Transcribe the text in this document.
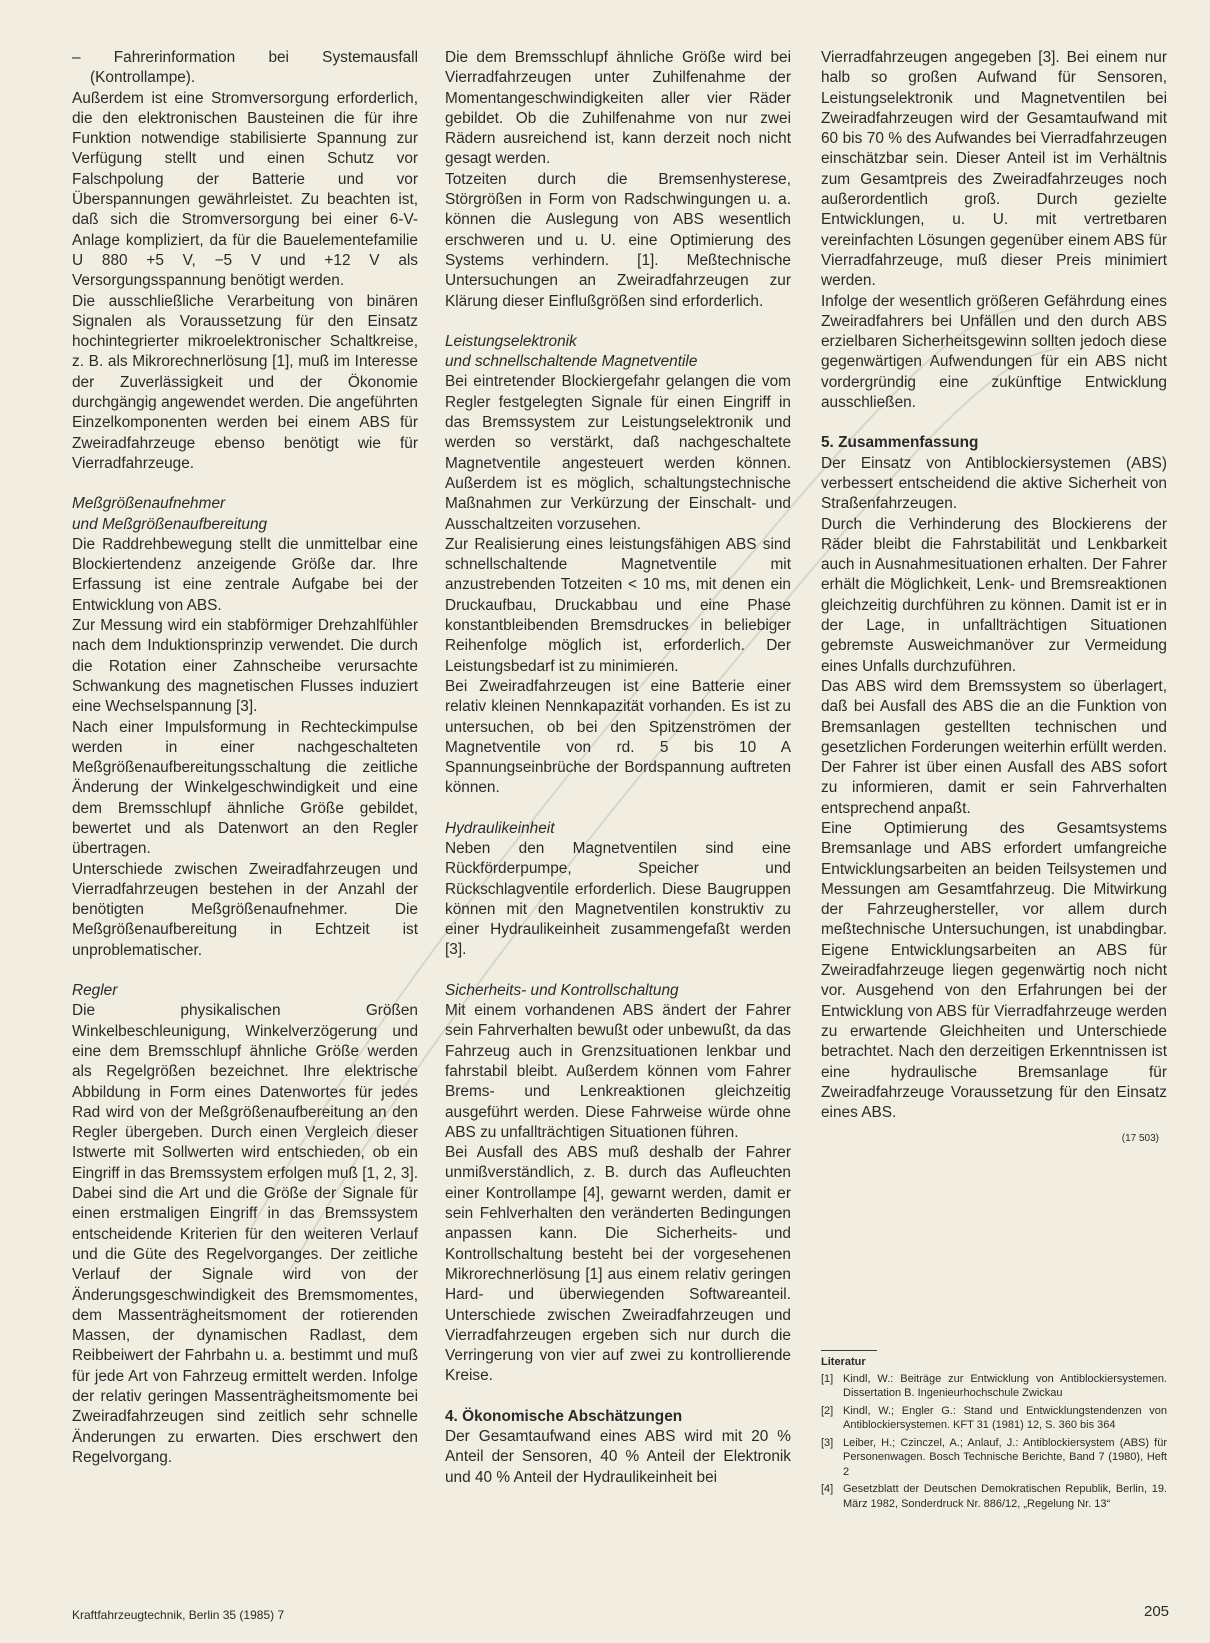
– Fahrerinformation bei Systemausfall (Kontrollampe).

Außerdem ist eine Stromversorgung erforderlich, die den elektronischen Bausteinen die für ihre Funktion notwendige stabilisierte Spannung zur Verfügung stellt und einen Schutz vor Falschpolung der Batterie und vor Überspannungen gewährleistet. Zu beachten ist, daß sich die Stromversorgung bei einer 6-V-Anlage kompliziert, da für die Bauelementefamilie U 880 +5 V, −5 V und +12 V als Versorgungsspannung benötigt werden.

Die ausschließliche Verarbeitung von binären Signalen als Voraussetzung für den Einsatz hochintegrierter mikroelektronischer Schaltkreise, z. B. als Mikrorechnerlösung [1], muß im Interesse der Zuverlässigkeit und der Ökonomie durchgängig angewendet werden. Die angeführten Einzelkomponenten werden bei einem ABS für Zweiradfahrzeuge ebenso benötigt wie für Vierradfahrzeuge.

Meßgrößenaufnehmer

und Meßgrößenaufbereitung

Die Raddrehbewegung stellt die unmittelbar eine Blockiertendenz anzeigende Größe dar. Ihre Erfassung ist eine zentrale Aufgabe bei der Entwicklung von ABS.

Zur Messung wird ein stabförmiger Drehzahlfühler nach dem Induktionsprinzip verwendet. Die durch die Rotation einer Zahnscheibe verursachte Schwankung des magnetischen Flusses induziert eine Wechselspannung [3].

Nach einer Impulsformung in Rechteckimpulse werden in einer nachgeschalteten Meßgrößenaufbereitungsschaltung die zeitliche Änderung der Winkelgeschwindigkeit und eine dem Bremsschlupf ähnliche Größe gebildet, bewertet und als Datenwort an den Regler übertragen.

Unterschiede zwischen Zweiradfahrzeugen und Vierradfahrzeugen bestehen in der Anzahl der benötigten Meßgrößenaufnehmer. Die Meßgrößenaufbereitung in Echtzeit ist unproblematischer.

Regler

Die physikalischen Größen Winkelbeschleunigung, Winkelverzögerung und eine dem Bremsschlupf ähnliche Größe werden als Regelgrößen bezeichnet. Ihre elektrische Abbildung in Form eines Datenwortes für jedes Rad wird von der Meßgrößenaufbereitung an den Regler übergeben. Durch einen Vergleich dieser Istwerte mit Sollwerten wird entschieden, ob ein Eingriff in das Bremssystem erfolgen muß [1, 2, 3]. Dabei sind die Art und die Größe der Signale für einen erstmaligen Eingriff in das Bremssystem entscheidende Kriterien für den weiteren Verlauf und die Güte des Regelvorganges. Der zeitliche Verlauf der Signale wird von der Änderungsgeschwindigkeit des Bremsmomentes, dem Massenträgheitsmoment der rotierenden Massen, der dynamischen Radlast, dem Reibbeiwert der Fahrbahn u. a. bestimmt und muß für jede Art von Fahrzeug ermittelt werden. Infolge der relativ geringen Massenträgheitsmomente bei Zweiradfahrzeugen sind zeitlich sehr schnelle Änderungen zu erwarten. Dies erschwert den Regelvorgang.

Die dem Bremsschlupf ähnliche Größe wird bei Vierradfahrzeugen unter Zuhilfenahme der Momentangeschwindigkeiten aller vier Räder gebildet. Ob die Zuhilfenahme von nur zwei Rädern ausreichend ist, kann derzeit noch nicht gesagt werden.

Totzeiten durch die Bremsenhysterese, Störgrößen in Form von Radschwingungen u. a. können die Auslegung von ABS wesentlich erschweren und u. U. eine Optimierung des Systems verhindern. [1]. Meßtechnische Untersuchungen an Zweiradfahrzeugen zur Klärung dieser Einflußgrößen sind erforderlich.

Leistungselektronik

und schnellschaltende Magnetventile

Bei eintretender Blockiergefahr gelangen die vom Regler festgelegten Signale für einen Eingriff in das Bremssystem zur Leistungselektronik und werden so verstärkt, daß nachgeschaltete Magnetventile angesteuert werden können. Außerdem ist es möglich, schaltungstechnische Maßnahmen zur Verkürzung der Einschalt- und Ausschaltzeiten vorzusehen.

Zur Realisierung eines leistungsfähigen ABS sind schnellschaltende Magnetventile mit anzustrebenden Totzeiten < 10 ms, mit denen ein Druckaufbau, Druckabbau und eine Phase konstantbleibenden Bremsdruckes in beliebiger Reihenfolge möglich ist, erforderlich. Der Leistungsbedarf ist zu minimieren.

Bei Zweiradfahrzeugen ist eine Batterie einer relativ kleinen Nennkapazität vorhanden. Es ist zu untersuchen, ob bei den Spitzenströmen der Magnetventile von rd. 5 bis 10 A Spannungseinbrüche der Bordspannung auftreten können.

Hydraulikeinheit

Neben den Magnetventilen sind eine Rückförderpumpe, Speicher und Rückschlagventile erforderlich. Diese Baugruppen können mit den Magnetventilen konstruktiv zu einer Hydraulikeinheit zusammengefaßt werden [3].

Sicherheits- und Kontrollschaltung

Mit einem vorhandenen ABS ändert der Fahrer sein Fahrverhalten bewußt oder unbewußt, da das Fahrzeug auch in Grenzsituationen lenkbar und fahrstabil bleibt. Außerdem können vom Fahrer Brems- und Lenkreaktionen gleichzeitig ausgeführt werden. Diese Fahrweise würde ohne ABS zu unfallträchtigen Situationen führen.

Bei Ausfall des ABS muß deshalb der Fahrer unmißverständlich, z. B. durch das Aufleuchten einer Kontrollampe [4], gewarnt werden, damit er sein Fehlverhalten den veränderten Bedingungen anpassen kann. Die Sicherheits- und Kontrollschaltung besteht bei der vorgesehenen Mikrorechnerlösung [1] aus einem relativ geringen Hard- und überwiegenden Softwareanteil. Unterschiede zwischen Zweiradfahrzeugen und Vierradfahrzeugen ergeben sich nur durch die Verringerung von vier auf zwei zu kontrollierende Kreise.

4. Ökonomische Abschätzungen

Der Gesamtaufwand eines ABS wird mit 20 % Anteil der Sensoren, 40 % Anteil der Elektronik und 40 % Anteil der Hydraulikeinheit bei

Vierradfahrzeugen angegeben [3]. Bei einem nur halb so großen Aufwand für Sensoren, Leistungselektronik und Magnetventilen bei Zweiradfahrzeugen wird der Gesamtaufwand mit 60 bis 70 % des Aufwandes bei Vierradfahrzeugen einschätzbar sein. Dieser Anteil ist im Verhältnis zum Gesamtpreis des Zweiradfahrzeuges noch außerordentlich groß. Durch gezielte Entwicklungen, u. U. mit vertretbaren vereinfachten Lösungen gegenüber einem ABS für Vierradfahrzeuge, muß dieser Preis minimiert werden.

Infolge der wesentlich größeren Gefährdung eines Zweiradfahrers bei Unfällen und den durch ABS erzielbaren Sicherheitsgewinn sollten jedoch diese gegenwärtigen Aufwendungen für ein ABS nicht vordergründig eine zukünftige Entwicklung ausschließen.

5. Zusammenfassung

Der Einsatz von Antiblockiersystemen (ABS) verbessert entscheidend die aktive Sicherheit von Straßenfahrzeugen.

Durch die Verhinderung des Blockierens der Räder bleibt die Fahrstabilität und Lenkbarkeit auch in Ausnahmesituationen erhalten. Der Fahrer erhält die Möglichkeit, Lenk- und Bremsreaktionen gleichzeitig durchführen zu können. Damit ist er in der Lage, in unfallträchtigen Situationen gebremste Ausweichmanöver zur Vermeidung eines Unfalls durchzuführen.

Das ABS wird dem Bremssystem so überlagert, daß bei Ausfall des ABS die an die Funktion von Bremsanlagen gestellten technischen und gesetzlichen Forderungen weiterhin erfüllt werden. Der Fahrer ist über einen Ausfall des ABS sofort zu informieren, damit er sein Fahrverhalten entsprechend anpaßt.

Eine Optimierung des Gesamtsystems Bremsanlage und ABS erfordert umfangreiche Entwicklungsarbeiten an beiden Teilsystemen und Messungen am Gesamtfahrzeug. Die Mitwirkung der Fahrzeughersteller, vor allem durch meßtechnische Untersuchungen, ist unabdingbar. Eigene Entwicklungsarbeiten an ABS für Zweiradfahrzeuge liegen gegenwärtig noch nicht vor. Ausgehend von den Erfahrungen bei der Entwicklung von ABS für Vierradfahrzeuge werden zu erwartende Gleichheiten und Unterschiede betrachtet. Nach den derzeitigen Erkenntnissen ist eine hydraulische Bremsanlage für Zweiradfahrzeuge Voraussetzung für den Einsatz eines ABS.

(17 503)

Literatur

[1] Kindl, W.: Beiträge zur Entwicklung von Antiblockiersystemen. Dissertation B. Ingenieurhochschule Zwickau
[2] Kindl, W.; Engler G.: Stand und Entwicklungstendenzen von Antiblockiersystemen. KFT 31 (1981) 12, S. 360 bis 364
[3] Leiber, H.; Czinczel, A.; Anlauf, J.: Antiblockiersystem (ABS) für Personenwagen. Bosch Technische Berichte, Band 7 (1980), Heft 2
[4] Gesetzblatt der Deutschen Demokratischen Republik, Berlin, 19. März 1982, Sonderdruck Nr. 886/12, „Regelung Nr. 13“
Kraftfahrzeugtechnik, Berlin 35 (1985) 7	205
